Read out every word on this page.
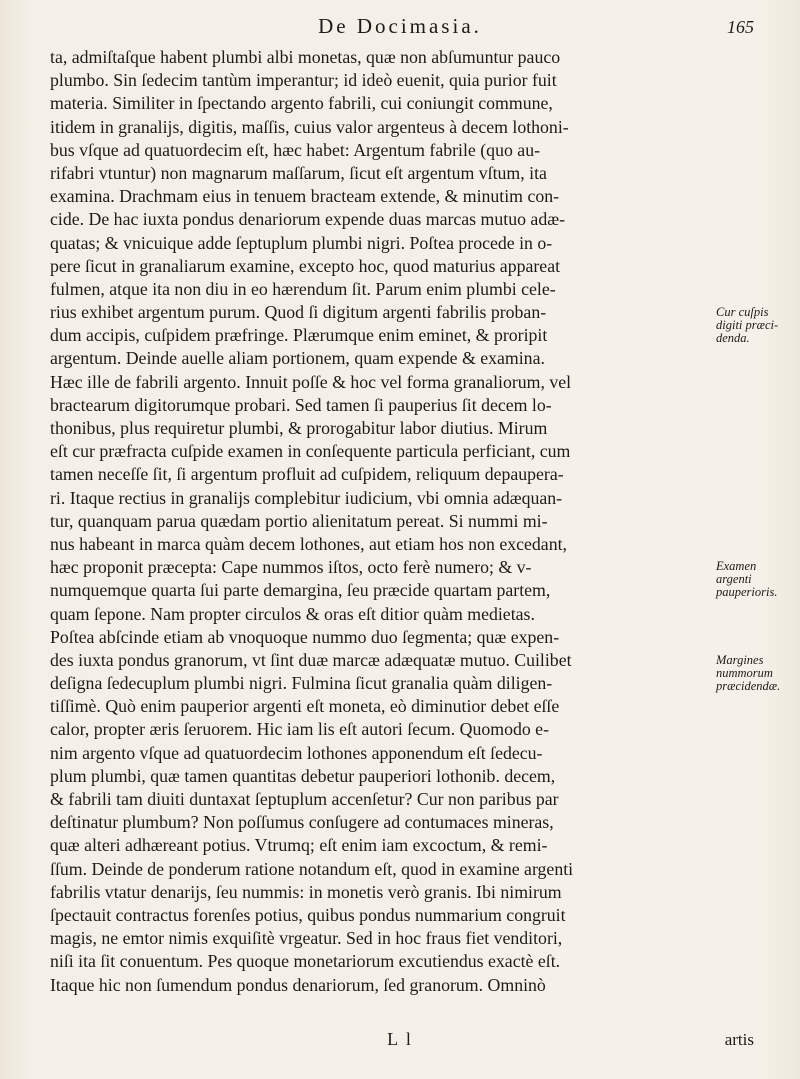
De Docimasia.	165
ta, admiſtaſque habent plumbi albi monetas, quæ non abſumuntur pauco
plumbo. Sin ſedecim tantùm imperantur; id ideò euenit, quia purior fuit
materia. Similiter in ſpectando argento fabrili, cui coniungit commune,
itidem in granalijs, digitis, maſſis, cuius valor argenteus à decem lothoni-
bus vſque ad quatuordecim eſt, hæc habet: Argentum fabrile (quo au-
rifabri vtuntur) non magnarum maſſarum, ſicut eſt argentum vſtum, ita
examina. Drachmam eius in tenuem bracteam extende, & minutim con-
cide. De hac iuxta pondus denariorum expende duas marcas mutuo adæ-
quatas; & vnicuique adde ſeptuplum plumbi nigri. Poſtea procede in o-
pere ſicut in granaliarum examine, excepto hoc, quod maturius appareat
fulmen, atque ita non diu in eo hærendum ſit. Parum enim plumbi cele-
rius exhibet argentum purum. Quod ſi digitum argenti fabrilis proban-
dum accipis, cuſpidem præfringe. Plærumque enim eminet, & proripit
argentum. Deinde auelle aliam portionem, quam expende & examina.
Hæc ille de fabrili argento. Innuit poſſe & hoc vel forma granaliorum, vel
bractearum digitorumque probari. Sed tamen ſi pauperius ſit decem lo-
thonibus, plus requiretur plumbi, & prorogabitur labor diutius. Mirum
eſt cur præfracta cuſpide examen in conſequente particula perficiant, cum
tamen neceſſe ſit, ſi argentum profluit ad cuſpidem, reliquum depaupera-
ri. Itaque rectius in granalijs complebitur iudicium, vbi omnia adæquan-
tur, quanquam parua quædam portio alienitatum pereat. Si nummi mi-
nus habeant in marca quàm decem lothones, aut etiam hos non excedant,
hæc proponit præcepta: Cape nummos iſtos, octo ferè numero; & v-
numquemque quarta ſui parte demargina, ſeu præcide quartam partem,
quam ſepone. Nam propter circulos & oras eſt ditior quàm medietas.
Poſtea abſcinde etiam ab vnoquoque nummo duo ſegmenta; quæ expen-
des iuxta pondus granorum, vt ſint duæ marcæ adæquatæ mutuo. Cuilibet
deſigna ſedecuplum plumbi nigri. Fulmina ſicut granalia quàm diligen-
tiſſimè. Quò enim pauperior argenti eſt moneta, eò diminutior debet eſſe
calor, propter æris ſeruorem. Hic iam lis eſt autori ſecum. Quomodo e-
nim argento vſque ad quatuordecim lothones apponendum eſt ſedecu-
plum plumbi, quæ tamen quantitas debetur pauperiori lothonib. decem,
& fabrili tam diuiti duntaxat ſeptuplum accenſetur? Cur non paribus par
deſtinatur plumbum? Non poſſumus conſugere ad contumaces mineras,
quæ alteri adhæreant potius. Vtrumq; eſt enim iam excoctum, & remi-
ſſum. Deinde de ponderum ratione notandum eſt, quod in examine argenti
fabrilis vtatur denarijs, ſeu nummis: in monetis verò granis. Ibi nimirum
ſpectauit contractus forenſes potius, quibus pondus nummarium congruit
magis, ne emtor nimis exquiſitè vrgeatur. Sed in hoc fraus fiet venditori,
niſi ita ſit conuentum. Pes quoque monetariorum excutiendus exactè eſt.
Itaque hic non ſumendum pondus denariorum, ſed granorum. Omninò
Cur cuſpis
digiti præci-
denda.
Examen
argenti
pauperioris.
Margines
nummorum
præcidendæ.
L l	artis
